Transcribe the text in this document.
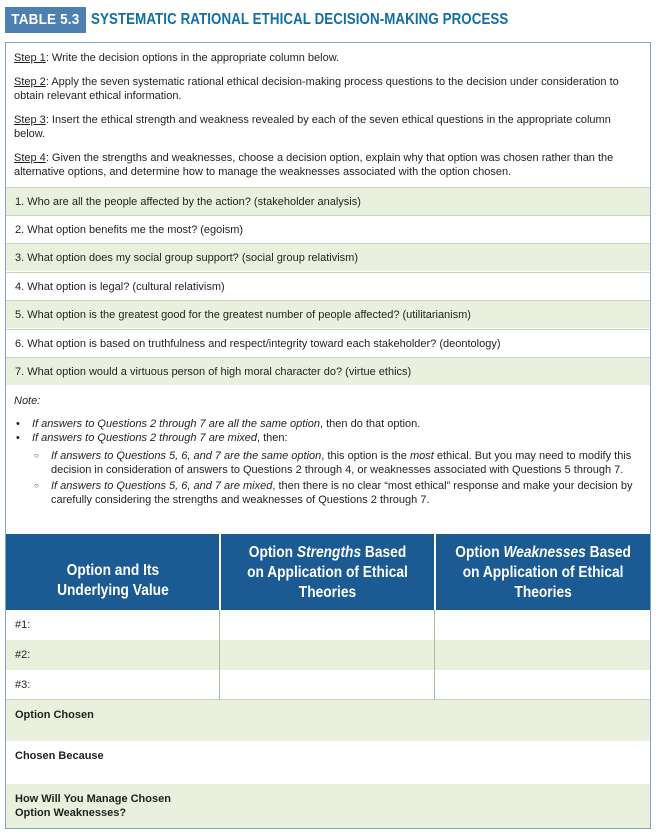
TABLE 5.3 SYSTEMATIC RATIONAL ETHICAL DECISION-MAKING PROCESS
Step 1: Write the decision options in the appropriate column below.
Step 2: Apply the seven systematic rational ethical decision-making process questions to the decision under consideration to obtain relevant ethical information.
Step 3: Insert the ethical strength and weakness revealed by each of the seven ethical questions in the appropriate column below.
Step 4: Given the strengths and weaknesses, choose a decision option, explain why that option was chosen rather than the alternative options, and determine how to manage the weaknesses associated with the option chosen.
1. Who are all the people affected by the action? (stakeholder analysis)
2. What option benefits me the most? (egoism)
3. What option does my social group support? (social group relativism)
4. What option is legal? (cultural relativism)
5. What option is the greatest good for the greatest number of people affected? (utilitarianism)
6. What option is based on truthfulness and respect/integrity toward each stakeholder? (deontology)
7. What option would a virtuous person of high moral character do? (virtue ethics)
Note:
• If answers to Questions 2 through 7 are all the same option, then do that option.
• If answers to Questions 2 through 7 are mixed, then:
○ If answers to Questions 5, 6, and 7 are the same option, this option is the most ethical. But you may need to modify this decision in consideration of answers to Questions 2 through 4, or weaknesses associated with Questions 5 through 7.
○ If answers to Questions 5, 6, and 7 are mixed, then there is no clear “most ethical” response and make your decision by carefully considering the strengths and weaknesses of Questions 2 through 7.
Option and Its
Underlying Value
Option Strengths Based
on Application of Ethical
Theories
Option Weaknesses Based
on Application of Ethical
Theories
#1:
#2:
#3:
Option Chosen
Chosen Because
How Will You Manage Chosen
Option Weaknesses?
